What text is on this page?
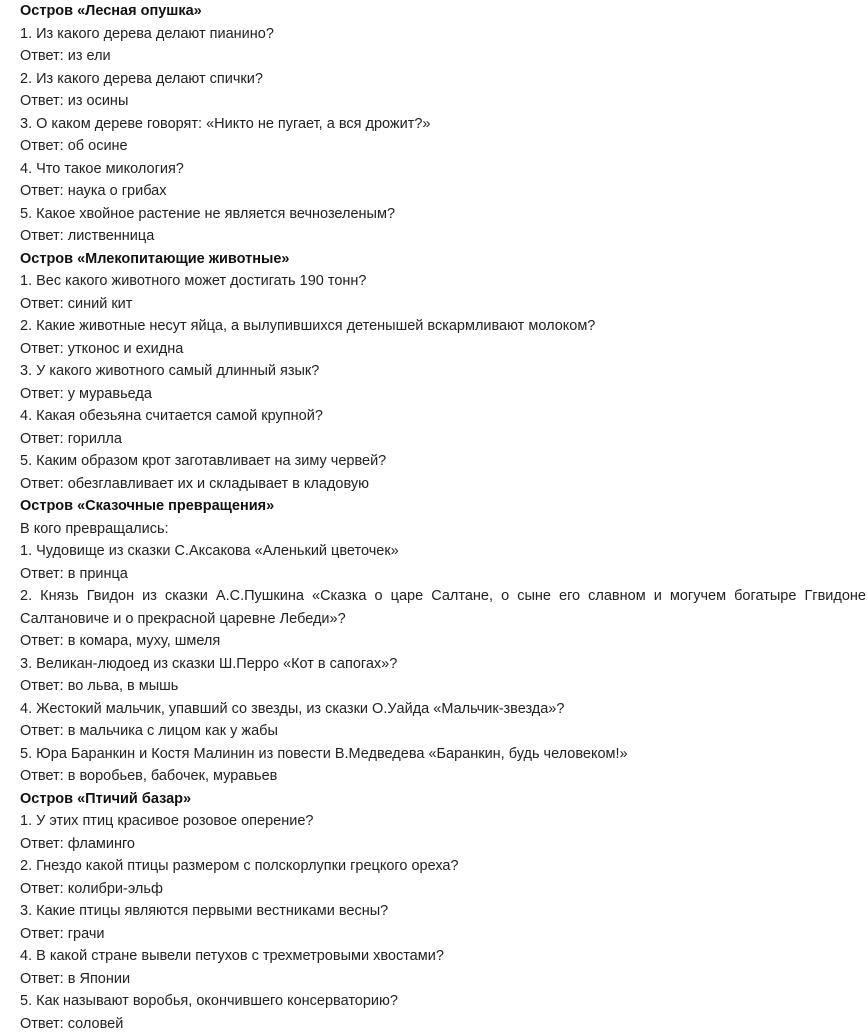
Остров «Лесная опушка»
1. Из какого дерева делают пианино?
Ответ: из ели
2. Из какого дерева делают спички?
Ответ: из осины
3. О каком дереве говорят: «Никто не пугает, а вся дрожит?»
Ответ: об осине
4. Что такое микология?
Ответ: наука о грибах
5. Какое хвойное растение не является вечнозеленым?
Ответ: лиственница
Остров «Млекопитающие животные»
1. Вес какого животного может достигать 190 тонн?
Ответ: синий кит
2. Какие животные несут яйца, а вылупившихся детенышей вскармливают молоком?
Ответ: утконос и ехидна
3. У какого животного самый длинный язык?
Ответ: у муравьеда
4. Какая обезьяна считается самой крупной?
Ответ: горилла
5. Каким образом крот заготавливает на зиму червей?
Ответ: обезглавливает их и складывает в кладовую
Остров «Сказочные превращения»
В кого превращались:
1. Чудовище из сказки С.Аксакова «Аленький цветочек»
Ответ: в принца
2. Князь Гвидон из сказки А.С.Пушкина «Сказка о царе Салтане, о сыне его славном и могучем богатыре Ггвидоне Салтановиче и о прекрасной царевне Лебеди»?
Ответ: в комара, муху, шмеля
3. Великан-людоед из сказки Ш.Перро «Кот в сапогах»?
Ответ: во льва, в мышь
4. Жестокий мальчик, упавший со звезды, из сказки О.Уайда «Мальчик-звезда»?
Ответ: в мальчика с лицом как у жабы
5. Юра Баранкин и Костя Малинин из повести В.Медведева «Баранкин, будь человеком!»
Ответ: в воробьев, бабочек, муравьев
Остров «Птичий базар»
1. У этих птиц красивое розовое оперение?
Ответ: фламинго
2. Гнездо какой птицы размером с полскорлупки грецкого ореха?
Ответ: колибри-эльф
3. Какие птицы являются первыми вестниками весны?
Ответ: грачи
4. В какой стране вывели петухов с трехметровыми хвостами?
Ответ: в Японии
5. Как называют воробья, окончившего консерваторию?
Ответ: соловей
